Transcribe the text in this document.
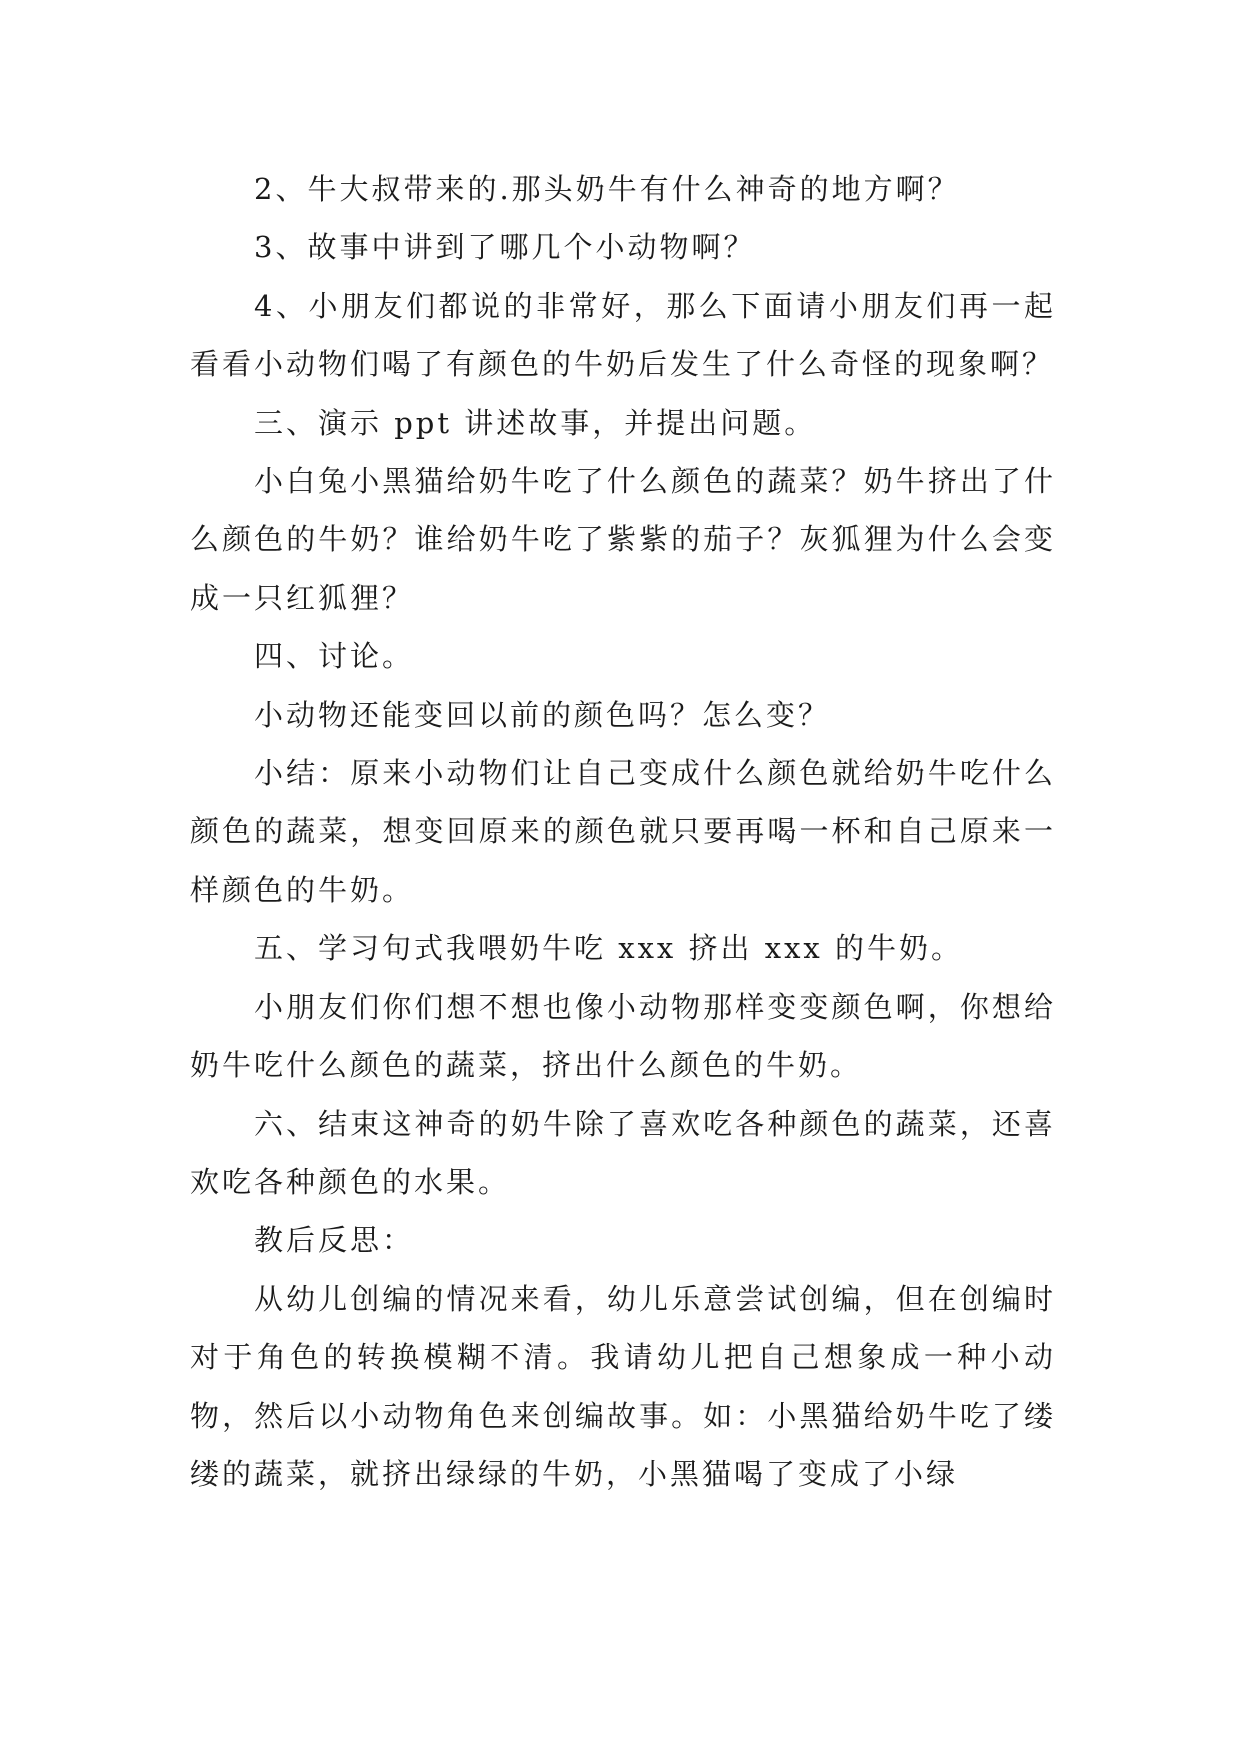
2、牛大叔带来的.那头奶牛有什么神奇的地方啊？

3、故事中讲到了哪几个小动物啊？

4、小朋友们都说的非常好，那么下面请小朋友们再一起看看小动物们喝了有颜色的牛奶后发生了什么奇怪的现象啊？

三、演示 ppt 讲述故事，并提出问题。

小白兔小黑猫给奶牛吃了什么颜色的蔬菜？奶牛挤出了什么颜色的牛奶？谁给奶牛吃了紫紫的茄子？灰狐狸为什么会变成一只红狐狸？

四、讨论。

小动物还能变回以前的颜色吗？怎么变？

小结：原来小动物们让自己变成什么颜色就给奶牛吃什么颜色的蔬菜，想变回原来的颜色就只要再喝一杯和自己原来一样颜色的牛奶。

五、学习句式我喂奶牛吃 xxx 挤出 xxx 的牛奶。

小朋友们你们想不想也像小动物那样变变颜色啊，你想给奶牛吃什么颜色的蔬菜，挤出什么颜色的牛奶。

六、结束这神奇的奶牛除了喜欢吃各种颜色的蔬菜，还喜欢吃各种颜色的水果。

教后反思：

从幼儿创编的情况来看，幼儿乐意尝试创编，但在创编时对于角色的转换模糊不清。我请幼儿把自己想象成一种小动物，然后以小动物角色来创编故事。如：小黑猫给奶牛吃了缕缕的蔬菜，就挤出绿绿的牛奶，小黑猫喝了变成了小绿
